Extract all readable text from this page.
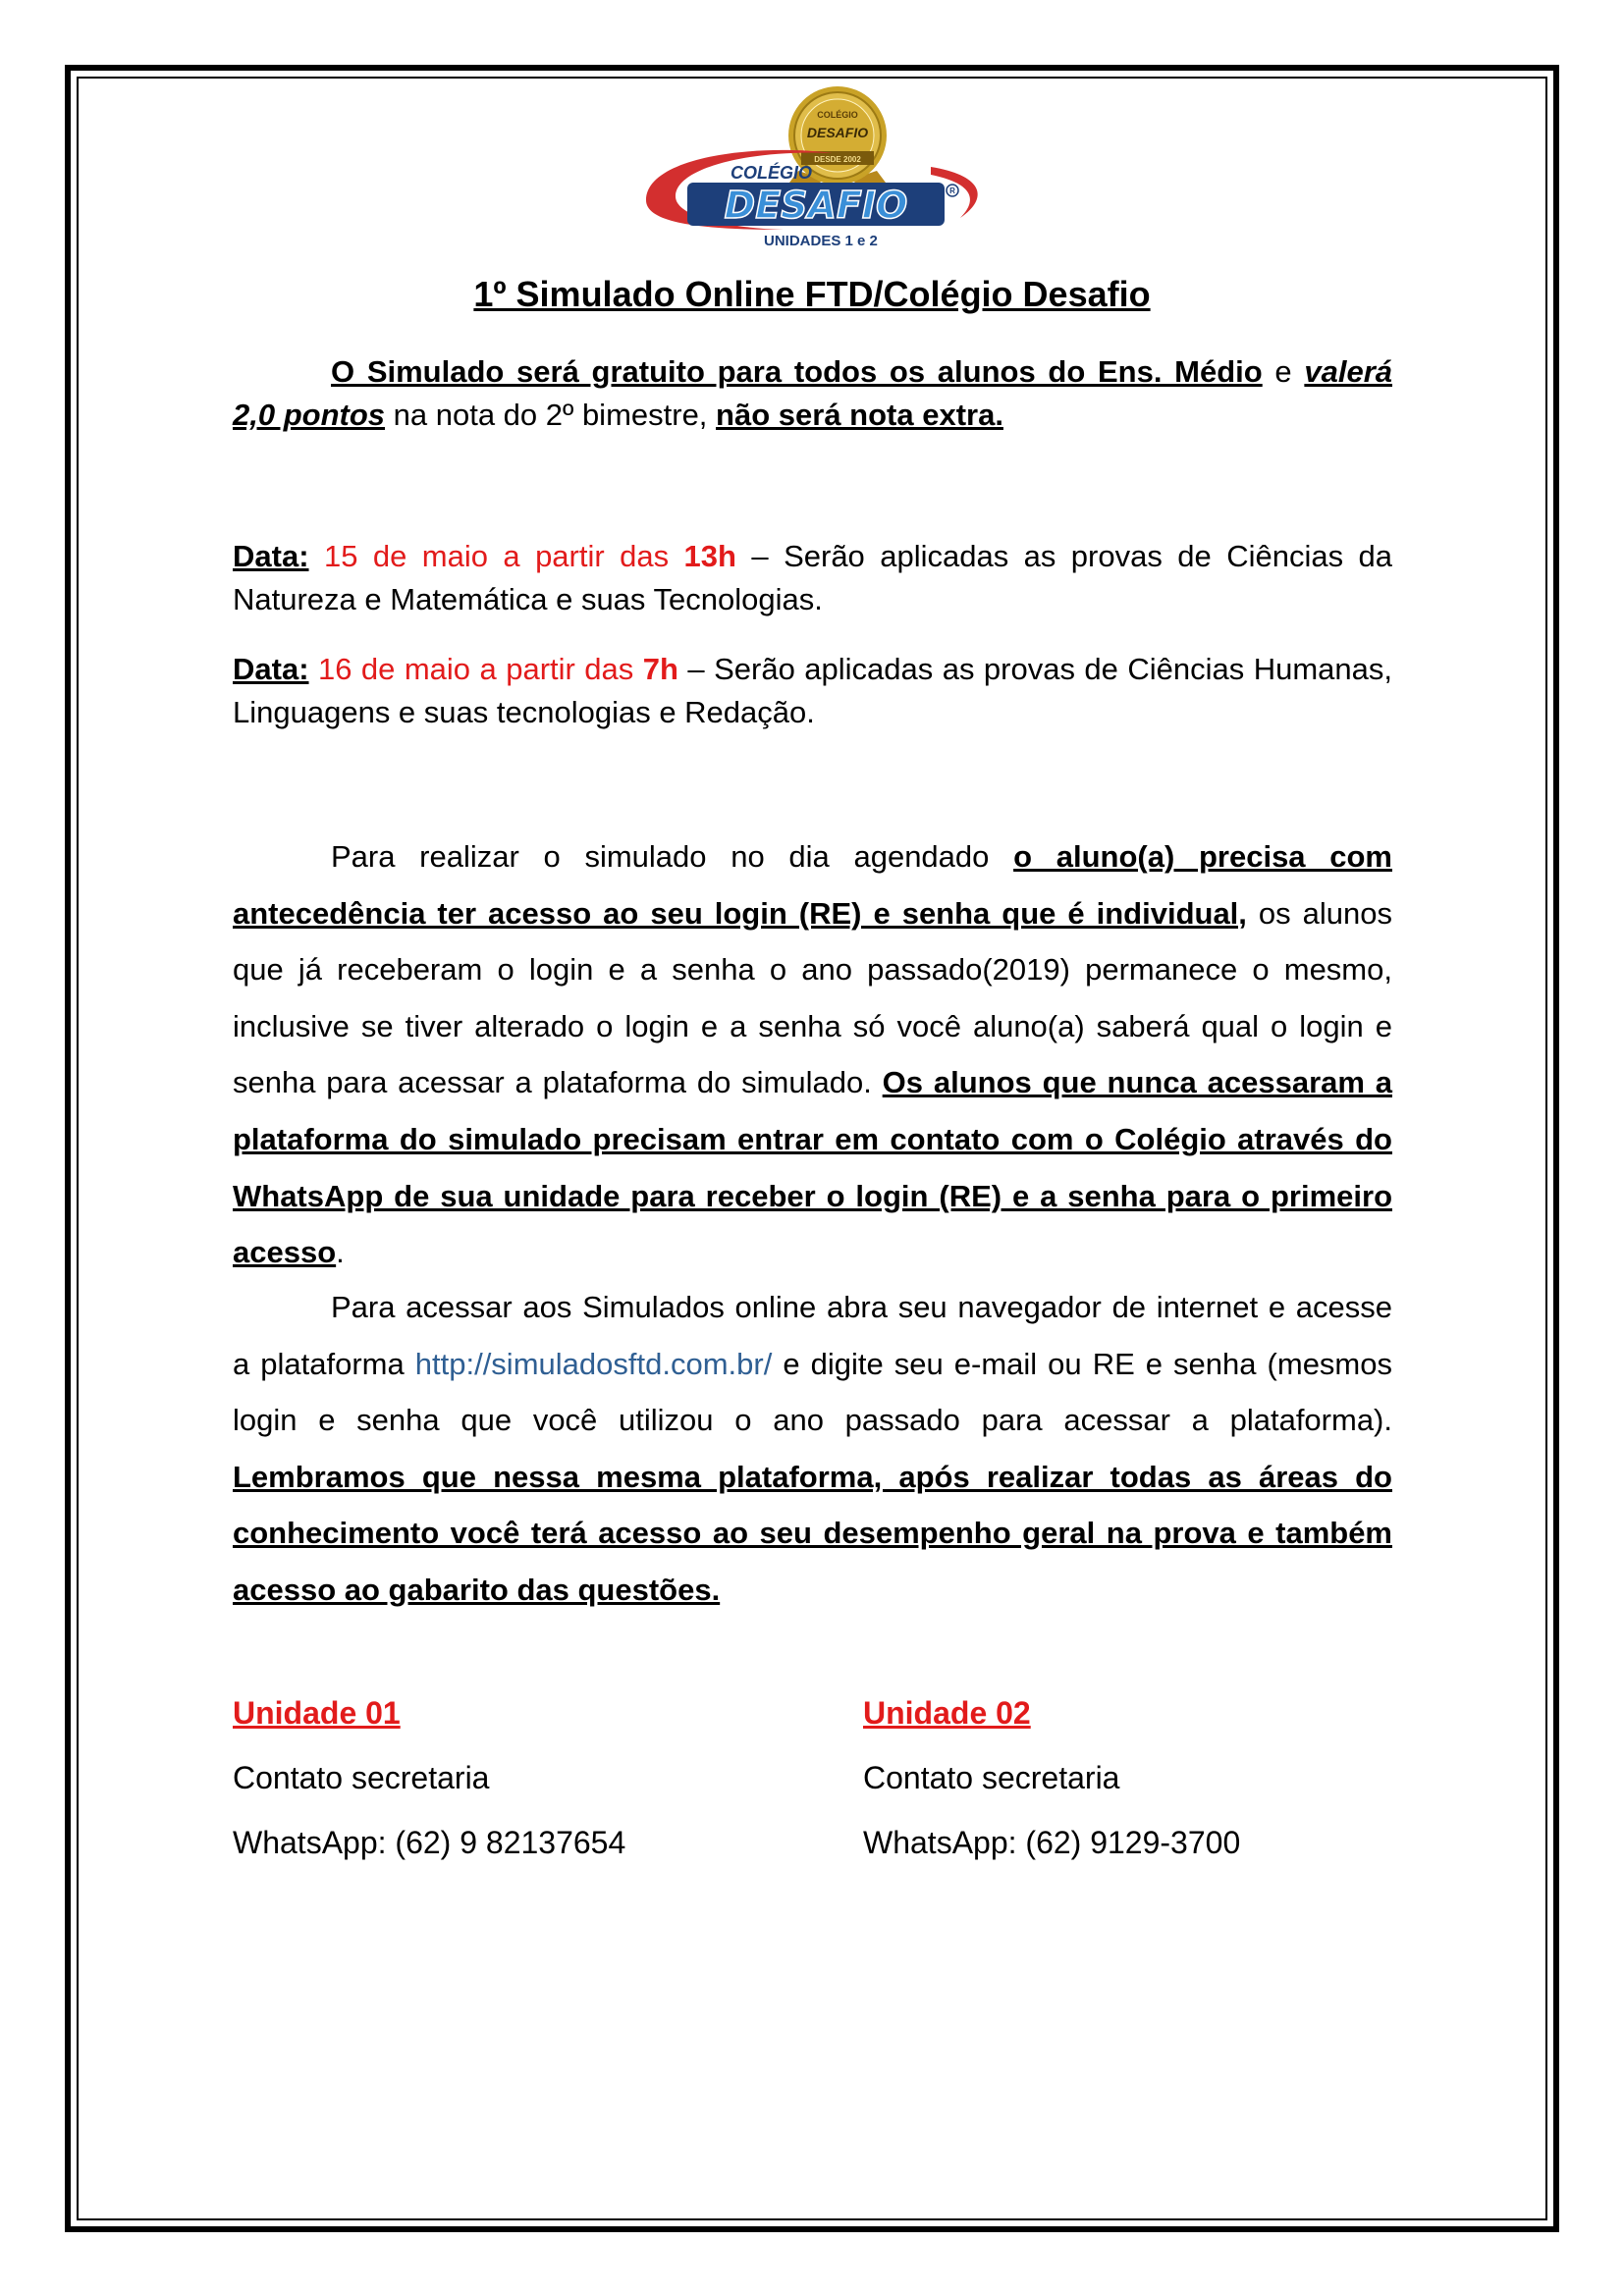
COLÉGIO
DESAFIO
DESDE 2002
COLÉGIO
DESAFIO	R
UNIDADES 1 e 2
1º Simulado Online FTD/Colégio Desafio

O Simulado será gratuito para todos os alunos do Ens. Médio e valerá 2,0 pontos na nota do 2º bimestre, não será nota extra.

Data: 15 de maio a partir das 13h – Serão aplicadas as provas de Ciências da Natureza e Matemática e suas Tecnologias.

Data: 16 de maio a partir das 7h – Serão aplicadas as provas de Ciências Humanas, Linguagens e suas tecnologias e Redação.

Para realizar o simulado no dia agendado o aluno(a) precisa com antecedência ter acesso ao seu login (RE) e senha que é individual, os alunos que já receberam o login e a senha o ano passado(2019) permanece o mesmo, inclusive se tiver alterado o login e a senha só você aluno(a) saberá qual o login e senha para acessar a plataforma do simulado. Os alunos que nunca acessaram a plataforma do simulado precisam entrar em contato com o Colégio através do WhatsApp de sua unidade para receber o login (RE) e a senha para o primeiro acesso.

Para acessar aos Simulados online abra seu navegador de internet e acesse a plataforma http://simuladosftd.com.br/ e digite seu e-mail ou RE e senha (mesmos login e senha que você utilizou o ano passado para acessar a plataforma). Lembramos que nessa mesma plataforma, após realizar todas as áreas do conhecimento você terá acesso ao seu desempenho geral na prova e também acesso ao gabarito das questões.

Unidade 01
Contato secretaria
WhatsApp: (62) 9 82137654
Unidade 02
Contato secretaria
WhatsApp: (62) 9129-3700
